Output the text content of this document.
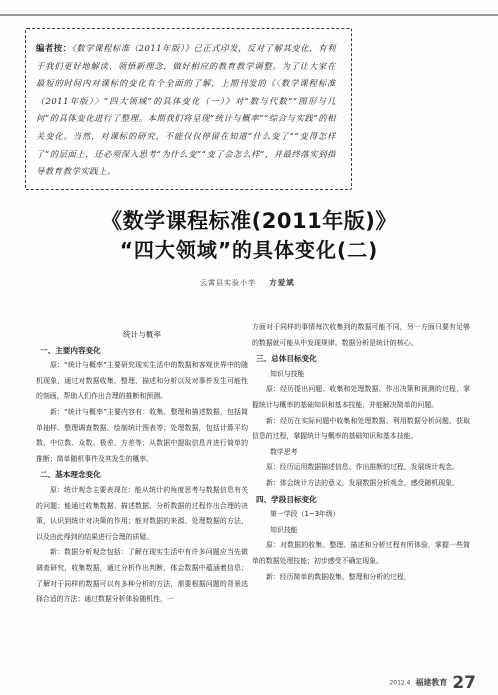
编者按：《数学课程标准（2011年版）》已正式印发，反对了解其变化，有利于我们更好地解读、领悟新理念，做好相应的教育教学调整。为了让大家在最短的时间内对课标的变化有个全面的了解，上期刊发的《〈数学课程标准（2011年版）〉“四大领域”的具体变化（一）》对“数与代数”“图形与几何”的具体变化进行了整理。本期我们将呈现“统计与概率”“综合与实践”的相关变化。当然，对课标的研究，不能仅仅停留在知道“什么变了”“变得怎样了”的层面上，还必须深入思考“为什么变”“变了会怎么样”，并最终落实到指导教育教学实践上。
《数学课程标准(2011年版)》
“四大领域”的具体变化(二)
云霄县实验小学 方爱斌

统计与概率

一、主要内容变化

原：“统计与概率”主要研究现实生活中的数据和客观世界中的随机现象，通过对数据收集、整理、描述和分析以及对事件发生可能性的刻画，帮助人们作出合理的推断和预测。

新：“统计与概率”主要内容有：收集、整理和描述数据，包括简单抽样、整理调查数据、绘制统计图表等；处理数据，包括计算平均数、中位数、众数、极差、方差等；从数据中提取信息并进行简单的推断；简单随机事件及其发生的概率。

二、基本理念变化

原：统计观念主要表现在：能从统计的角度思考与数据信息有关的问题；能通过收集数据、描述数据、分析数据的过程作出合理的决策，认识到统计对决策的作用；能对数据的来源、处理数据的方法，以及由此得到的结果进行合理的质疑。

新：数据分析观念包括：了解在现实生活中有许多问题应当先做调查研究，收集数据，通过分析作出判断，体会数据中蕴涵着信息；了解对于同样的数据可以有多种分析的方法，需要根据问题的背景选择合适的方法；通过数据分析体验随机性，一

方面对于同样的事情每次收集到的数据可能不同，另一方面只要有足够的数据就可能从中发现规律。数据分析是统计的核心。

三、总体目标变化

知识与技能

原：经历提出问题、收集和处理数据、作出决策和预测的过程，掌握统计与概率的基础知识和基本技能，并能解决简单的问题。

新：经历在实际问题中收集和处理数据、利用数据分析问题、获取信息的过程，掌握统计与概率的基础知识和基本技能。

数学思考

原：经历运用数据描述信息、作出推断的过程，发展统计观念。

新：体会统计方法的意义，发展数据分析观念，感受随机现象。

四、学段目标变化

第一学段（1~3年级）

知识技能

原：对数据的收集、整理、描述和分析过程有所体验，掌握一些简单的数据处理技能；初步感受不确定现象。

新：经历简单的数据收集、整理和分析的过程，

2012.4 福建教育 27
